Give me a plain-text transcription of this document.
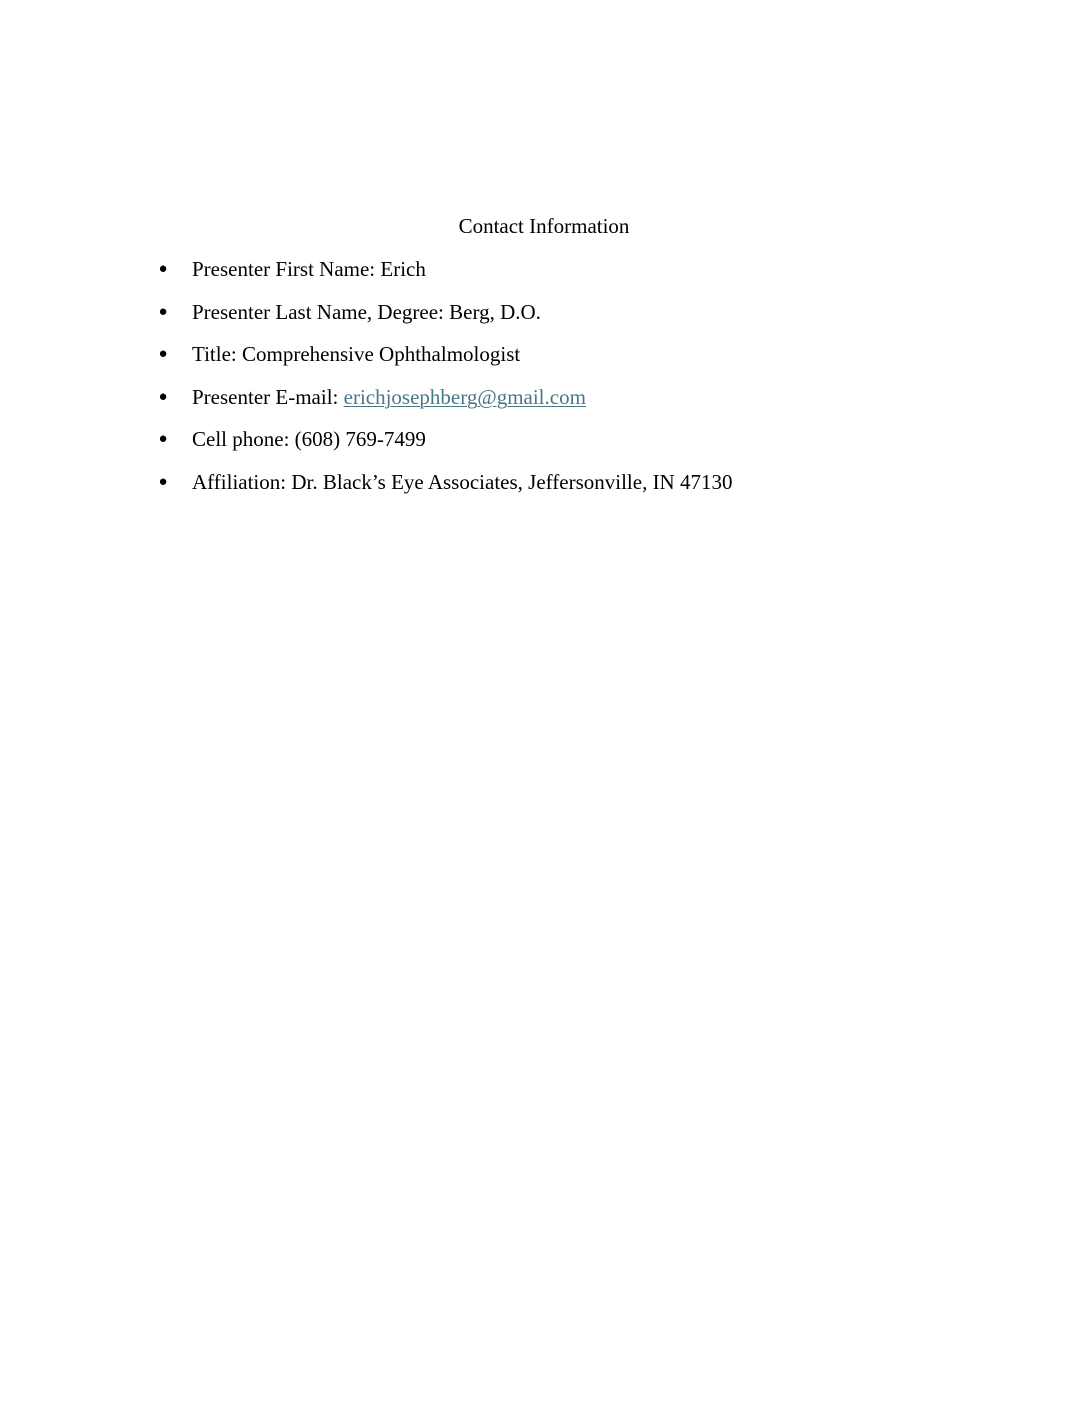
Contact Information
● Presenter First Name: Erich
● Presenter Last Name, Degree: Berg, D.O.
● Title: Comprehensive Ophthalmologist
● Presenter E-mail: erichjosephberg@gmail.com
● Cell phone: (608) 769-7499
● Affiliation: Dr. Black’s Eye Associates, Jeffersonville, IN 47130
